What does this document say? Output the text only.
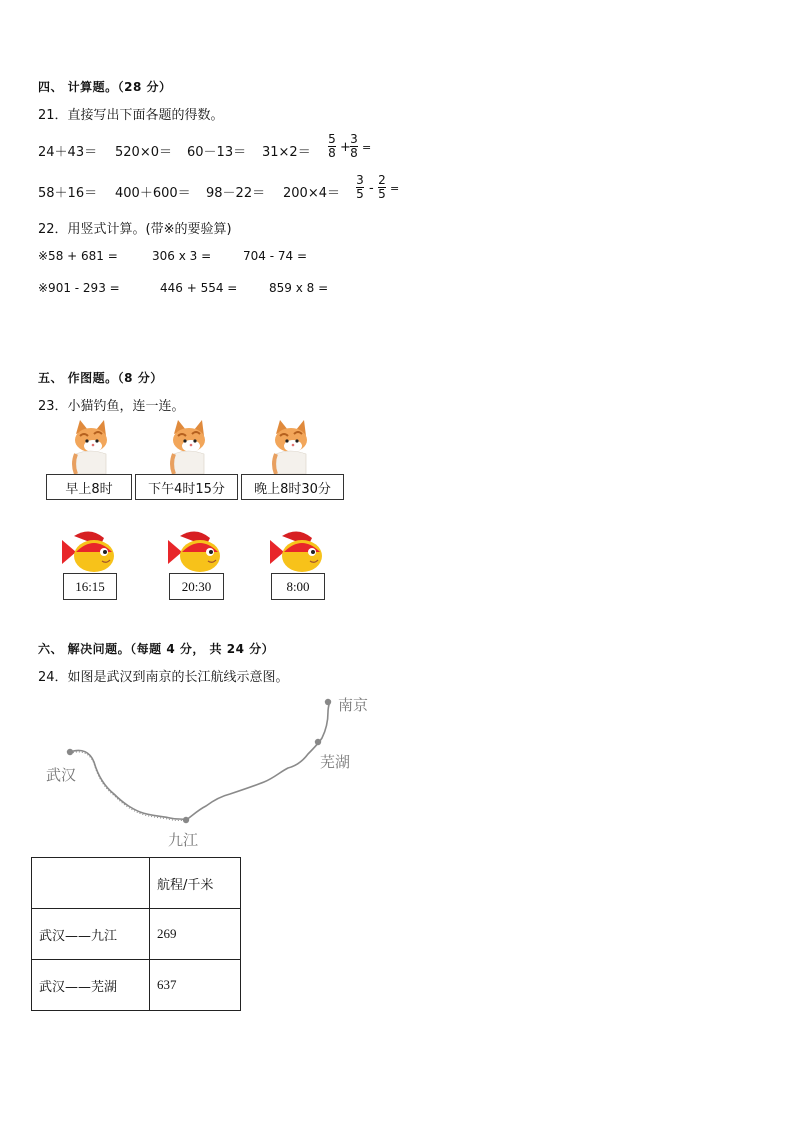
四、 计算题。（28 分）
21．直接写出下面各题的得数。
24＋43＝ 520×0＝ 60－13＝ 31×2＝
5
8 +
3
8 =
58＋16＝ 400＋600＝ 98－22＝ 200×4＝
3
5 -
2
5 =
22．用竖式计算。(带※的要验算)
※58 + 681 =	306 x 3 =	704 - 74 =
※901 - 293 =	446 + 554 =	859 x 8 =
五、 作图题。（8 分）
23．小猫钓鱼，连一连。
早上8时	下午4时15分	晚上8时30分
16:15	20:30	8:00
六、 解决问题。（每题 4 分， 共 24 分）
24．如图是武汉到南京的长江航线示意图。
武汉
九江
芜湖
南京
	航程/千米
武汉——九江	269
武汉——芜湖	637
